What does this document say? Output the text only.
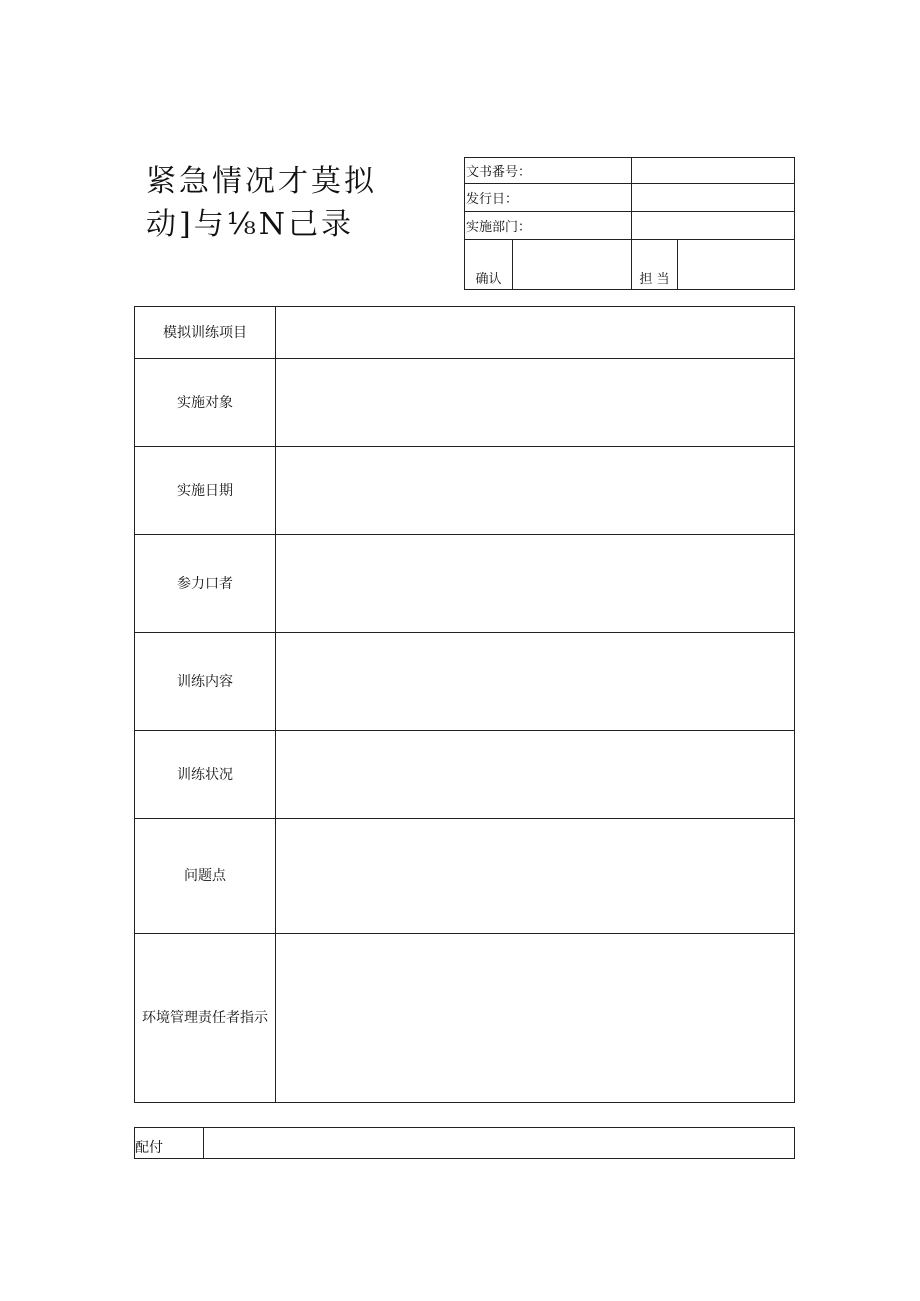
紧急情况才莫拟
动]与⅛N己录
文书番号：			
发行日：			
实施部门：			
确认		担 当	
模拟训练项目	
实施对象	
实施日期	
参力口者	
训练内容	
训练状况	
问题点	
环境管理责任者指示	
配付	
